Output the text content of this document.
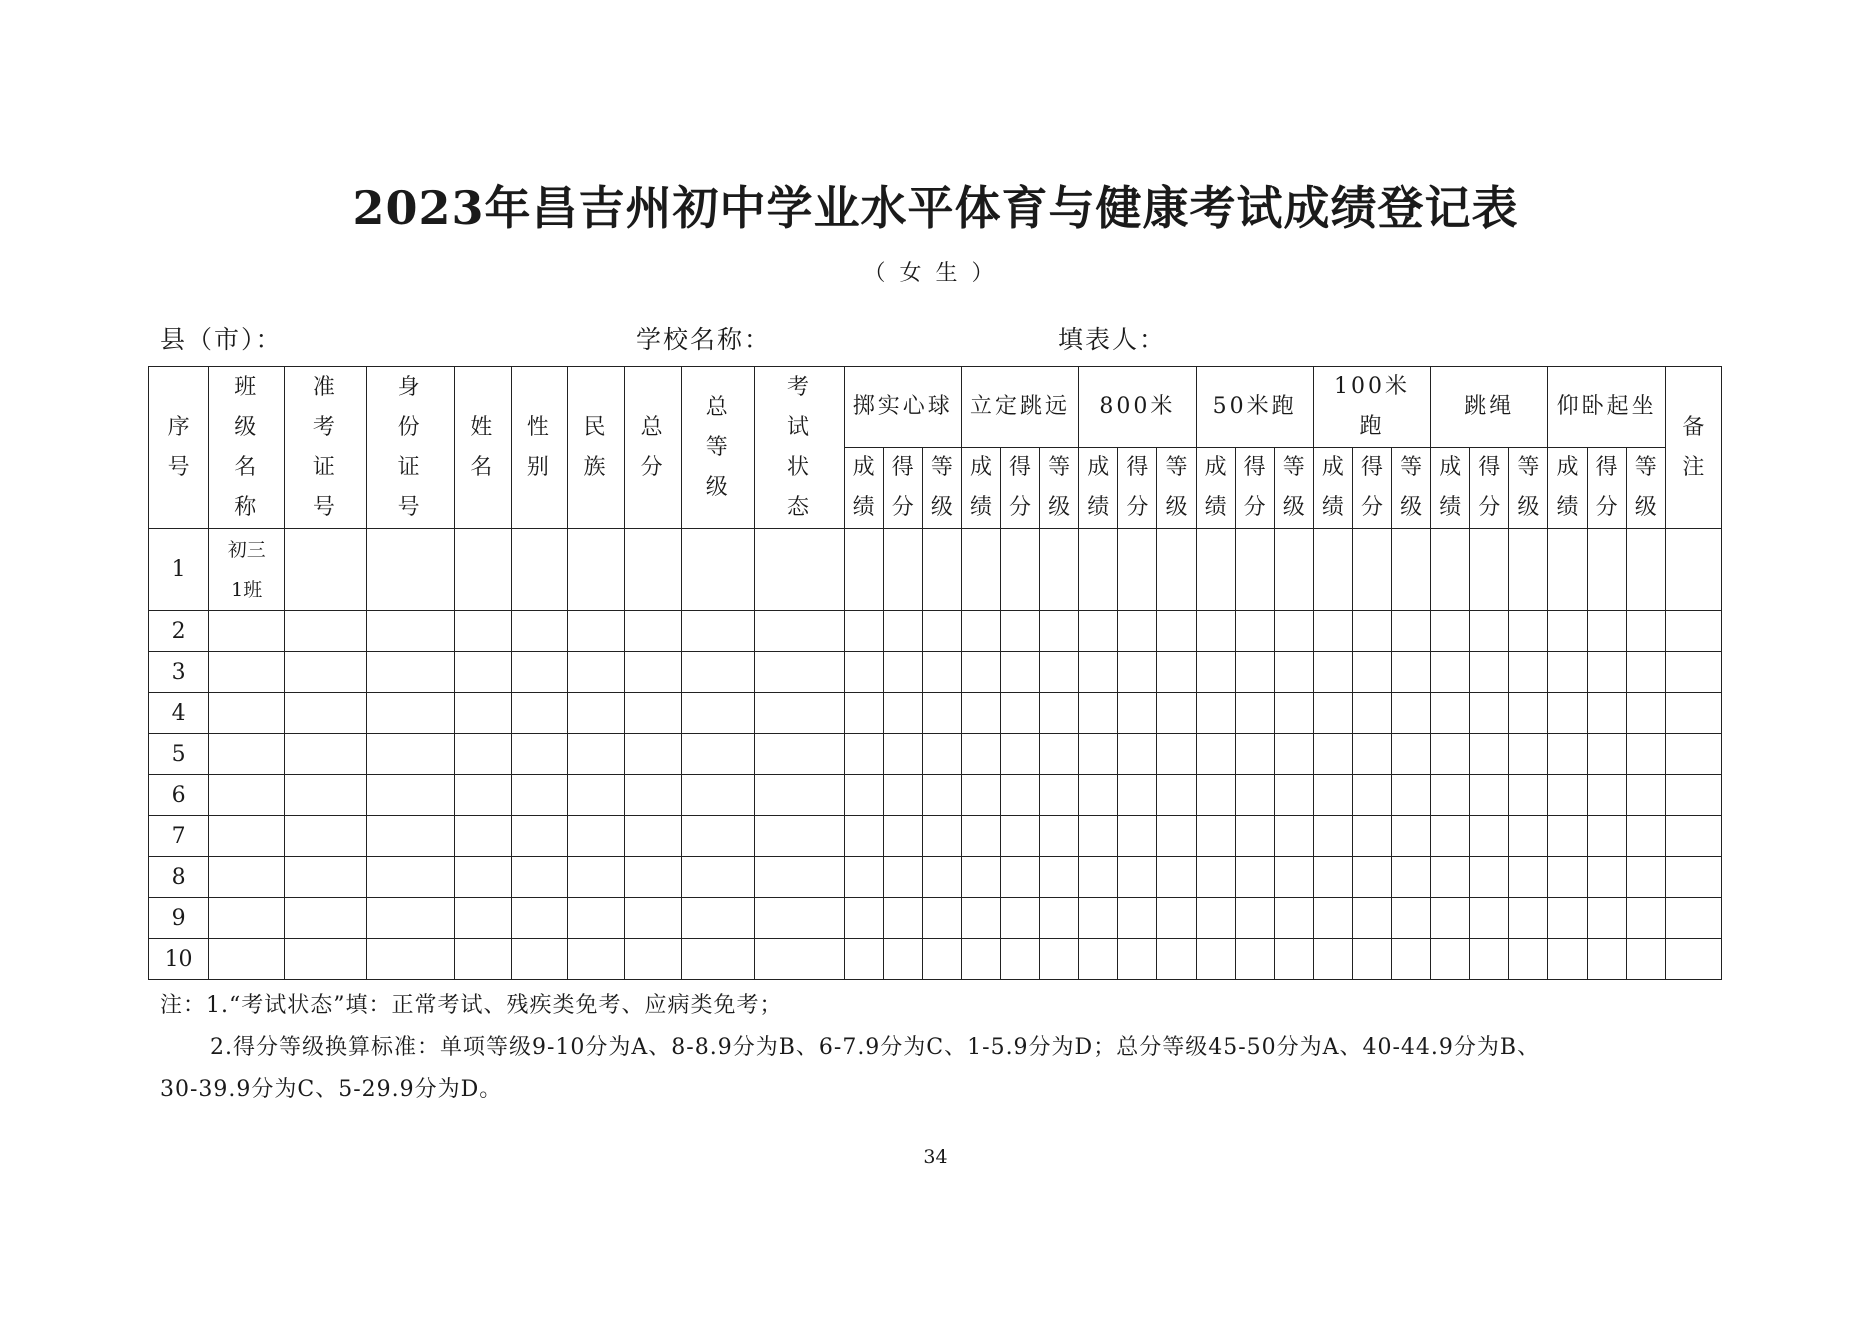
2023年昌吉州初中学业水平体育与健康考试成绩登记表
（女生）
县（市）：	学校名称：	填表人：
序号	班级名称	准考证号	身份证号	姓名	性别	民族	总分	总等级	考试状态	掷实心球			立定跳远			800米			50米跑			100米跑			跳绳			仰卧起坐			备注

										成绩	得分	等级	成绩	得分	等级	成绩	得分	等级	成绩	得分	等级	成绩	得分	等级	成绩	得分	等级	成绩	得分	等级	

1	初三1班																														

2	

3	

4	

5	

6	

7	

8	

9	

10	

注：1.“考试状态”填：正常考试、残疾类免考、应病类免考；
2.得分等级换算标准：单项等级9-10分为A、8-8.9分为B、6-7.9分为C、1-5.9分为D；总分等级45-50分为A、40-44.9分为B、
30-39.9分为C、5-29.9分为D。
34
